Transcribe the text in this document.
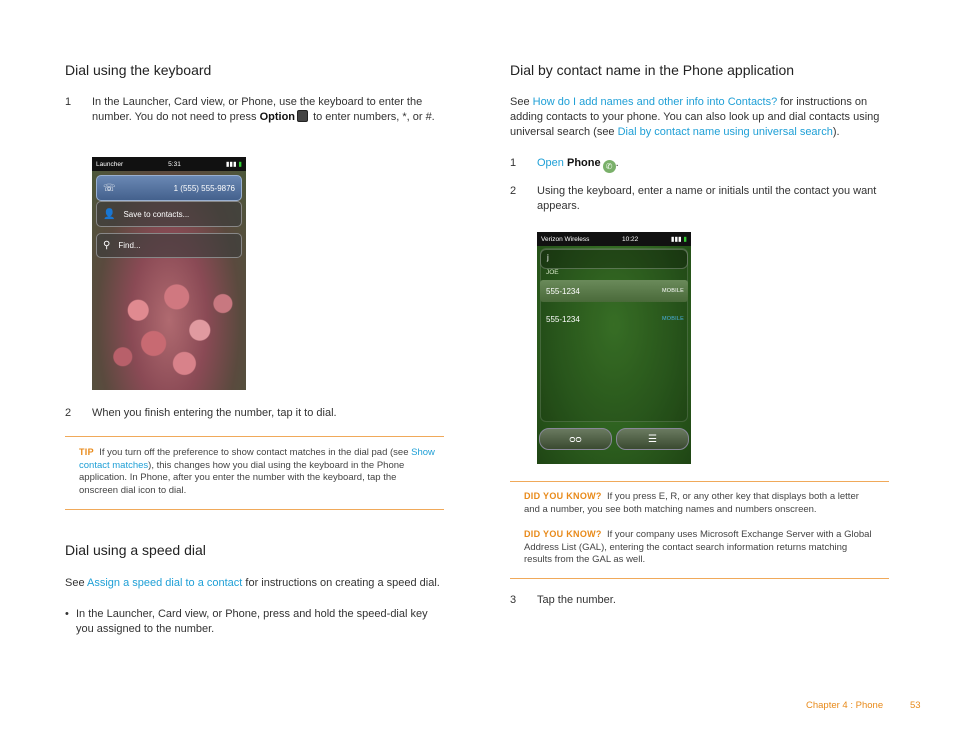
Dial using the keyboard
1 In the Launcher, Card view, or Phone, use the keyboard to enter the number. You do not need to press Option to enter numbers, *, or #.
Launcher	5:31	▮▮▮ ▮
☏	1 (555) 555-9876
👤 Save to contacts...
⚲ Find...
2 When you finish entering the number, tap it to dial.
TIP If you turn off the preference to show contact matches in the dial pad (see Show contact matches), this changes how you dial using the keyboard in the Phone application. In Phone, after you enter the number with the keyboard, tap the onscreen dial icon to dial.
Dial using a speed dial
See Assign a speed dial to a contact for instructions on creating a speed dial.
• In the Launcher, Card view, or Phone, press and hold the speed-dial key you assigned to the number.
Dial by contact name in the Phone application
See How do I add names and other info into Contacts? for instructions on adding contacts to your phone. You can also look up and dial contacts using universal search (see Dial by contact name using universal search).
1 Open Phone ✆ .
2 Using the keyboard, enter a name or initials until the contact you want appears.
Verizon Wireless	10:22	▮▮▮ ▮
j
JOE
555-1234	MOBILE
555-1234	MOBILE
ᴑᴑ	☰
DID YOU KNOW? If you press E, R, or any other key that displays both a letter and a number, you see both matching names and numbers onscreen.
DID YOU KNOW? If your company uses Microsoft Exchange Server with a Global Address List (GAL), entering the contact search information returns matching results from the GAL as well.
3 Tap the number.
Chapter 4 : Phone	53
